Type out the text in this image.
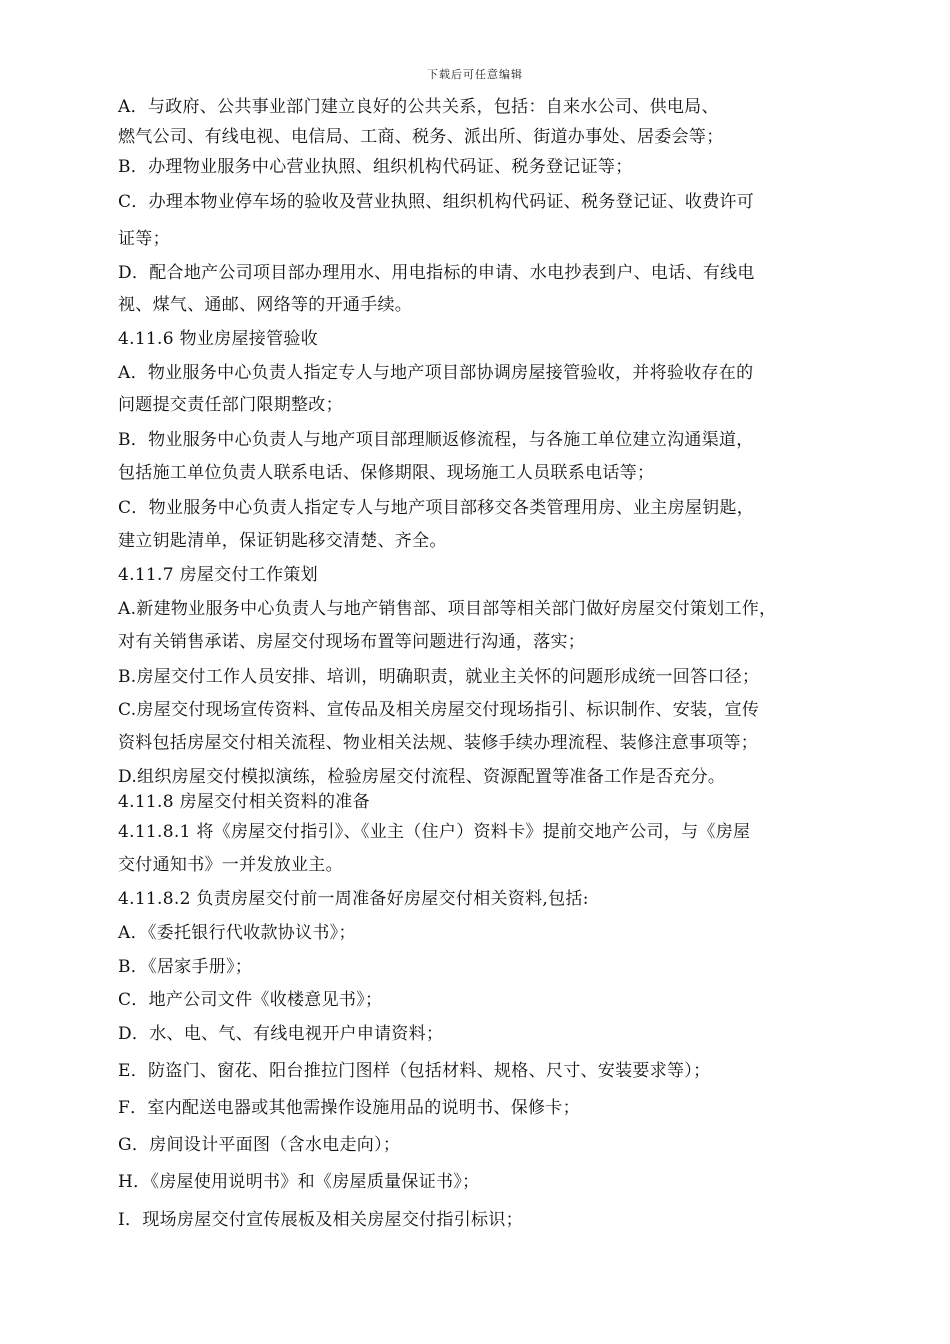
下载后可任意编辑
A．与政府、公共事业部门建立良好的公共关系，包括：自来水公司、供电局、
燃气公司、有线电视、电信局、工商、税务、派出所、街道办事处、居委会等；
B．办理物业服务中心营业执照、组织机构代码证、税务登记证等；
C．办理本物业停车场的验收及营业执照、组织机构代码证、税务登记证、收费许可
证等；
D．配合地产公司项目部办理用水、用电指标的申请、水电抄表到户、电话、有线电
视、煤气、通邮、网络等的开通手续。
4.11.6 物业房屋接管验收
A．物业服务中心负责人指定专人与地产项目部协调房屋接管验收，并将验收存在的
问题提交责任部门限期整改；
B．物业服务中心负责人与地产项目部理顺返修流程，与各施工单位建立沟通渠道，
包括施工单位负责人联系电话、保修期限、现场施工人员联系电话等；
C．物业服务中心负责人指定专人与地产项目部移交各类管理用房、业主房屋钥匙，
建立钥匙清单，保证钥匙移交清楚、齐全。
4.11.7 房屋交付工作策划
A.新建物业服务中心负责人与地产销售部、项目部等相关部门做好房屋交付策划工作，
对有关销售承诺、房屋交付现场布置等问题进行沟通，落实；
B.房屋交付工作人员安排、培训，明确职责，就业主关怀的问题形成统一回答口径；
C.房屋交付现场宣传资料、宣传品及相关房屋交付现场指引、标识制作、安装，宣传
资料包括房屋交付相关流程、物业相关法规、装修手续办理流程、装修注意事项等；
D.组织房屋交付模拟演练，检验房屋交付流程、资源配置等准备工作是否充分。
4.11.8 房屋交付相关资料的准备
4.11.8.1 将《房屋交付指引》、《业主（住户）资料卡》提前交地产公司，与《房屋
交付通知书》一并发放业主。
4.11.8.2 负责房屋交付前一周准备好房屋交付相关资料,包括:
A．《委托银行代收款协议书》；
B．《居家手册》；
C．地产公司文件《收楼意见书》；
D．水、电、气、有线电视开户申请资料；
E．防盗门、窗花、阳台推拉门图样（包括材料、规格、尺寸、安装要求等）；
F．室内配送电器或其他需操作设施用品的说明书、保修卡；
G．房间设计平面图（含水电走向）；
H．《房屋使用说明书》和《房屋质量保证书》；
I．现场房屋交付宣传展板及相关房屋交付指引标识；
